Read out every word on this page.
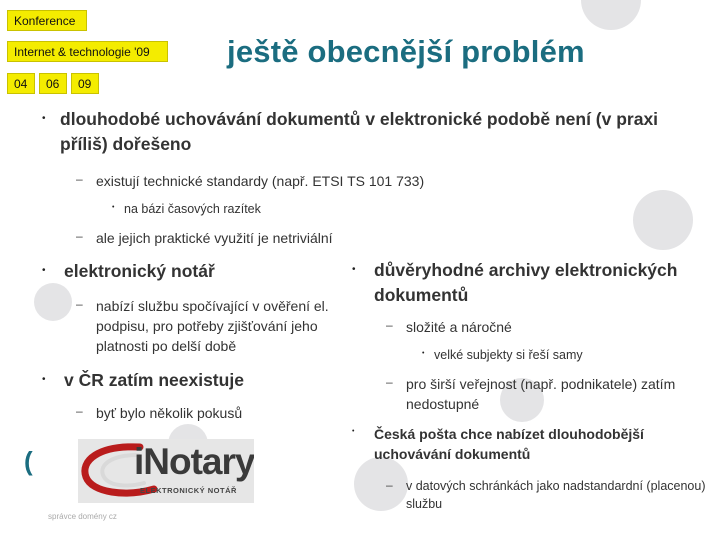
Konference
Internet & technologie '09
04	06	09
ještě obecnější problém
• dlouhodobé uchovávání dokumentů v elektronické podobě není (v praxi příliš) dořešeno
– existují technické standardy (např. ETSI TS 101 733)
• na bázi časových razítek
– ale jejich praktické využití je netriviální
•	elektronický notář
– nabízí službu spočívající v ověření el. podpisu, pro potřeby zjišťování jeho platnosti po delší době
•	v ČR zatím neexistuje
– byť bylo několik pokusů
•	důvěryhodné archivy elektronických dokumentů
– složité a náročné
• velké subjekty si řeší samy
– pro širší veřejnost (např. podnikatele) zatím nedostupné
•	Česká pošta chce nabízet dlouhodobější uchovávání dokumentů
–	v datových schránkách jako nadstandardní (placenou) službu
(	iNotary
ELEKTRONICKÝ NOTÁŘ
správce domény cz
